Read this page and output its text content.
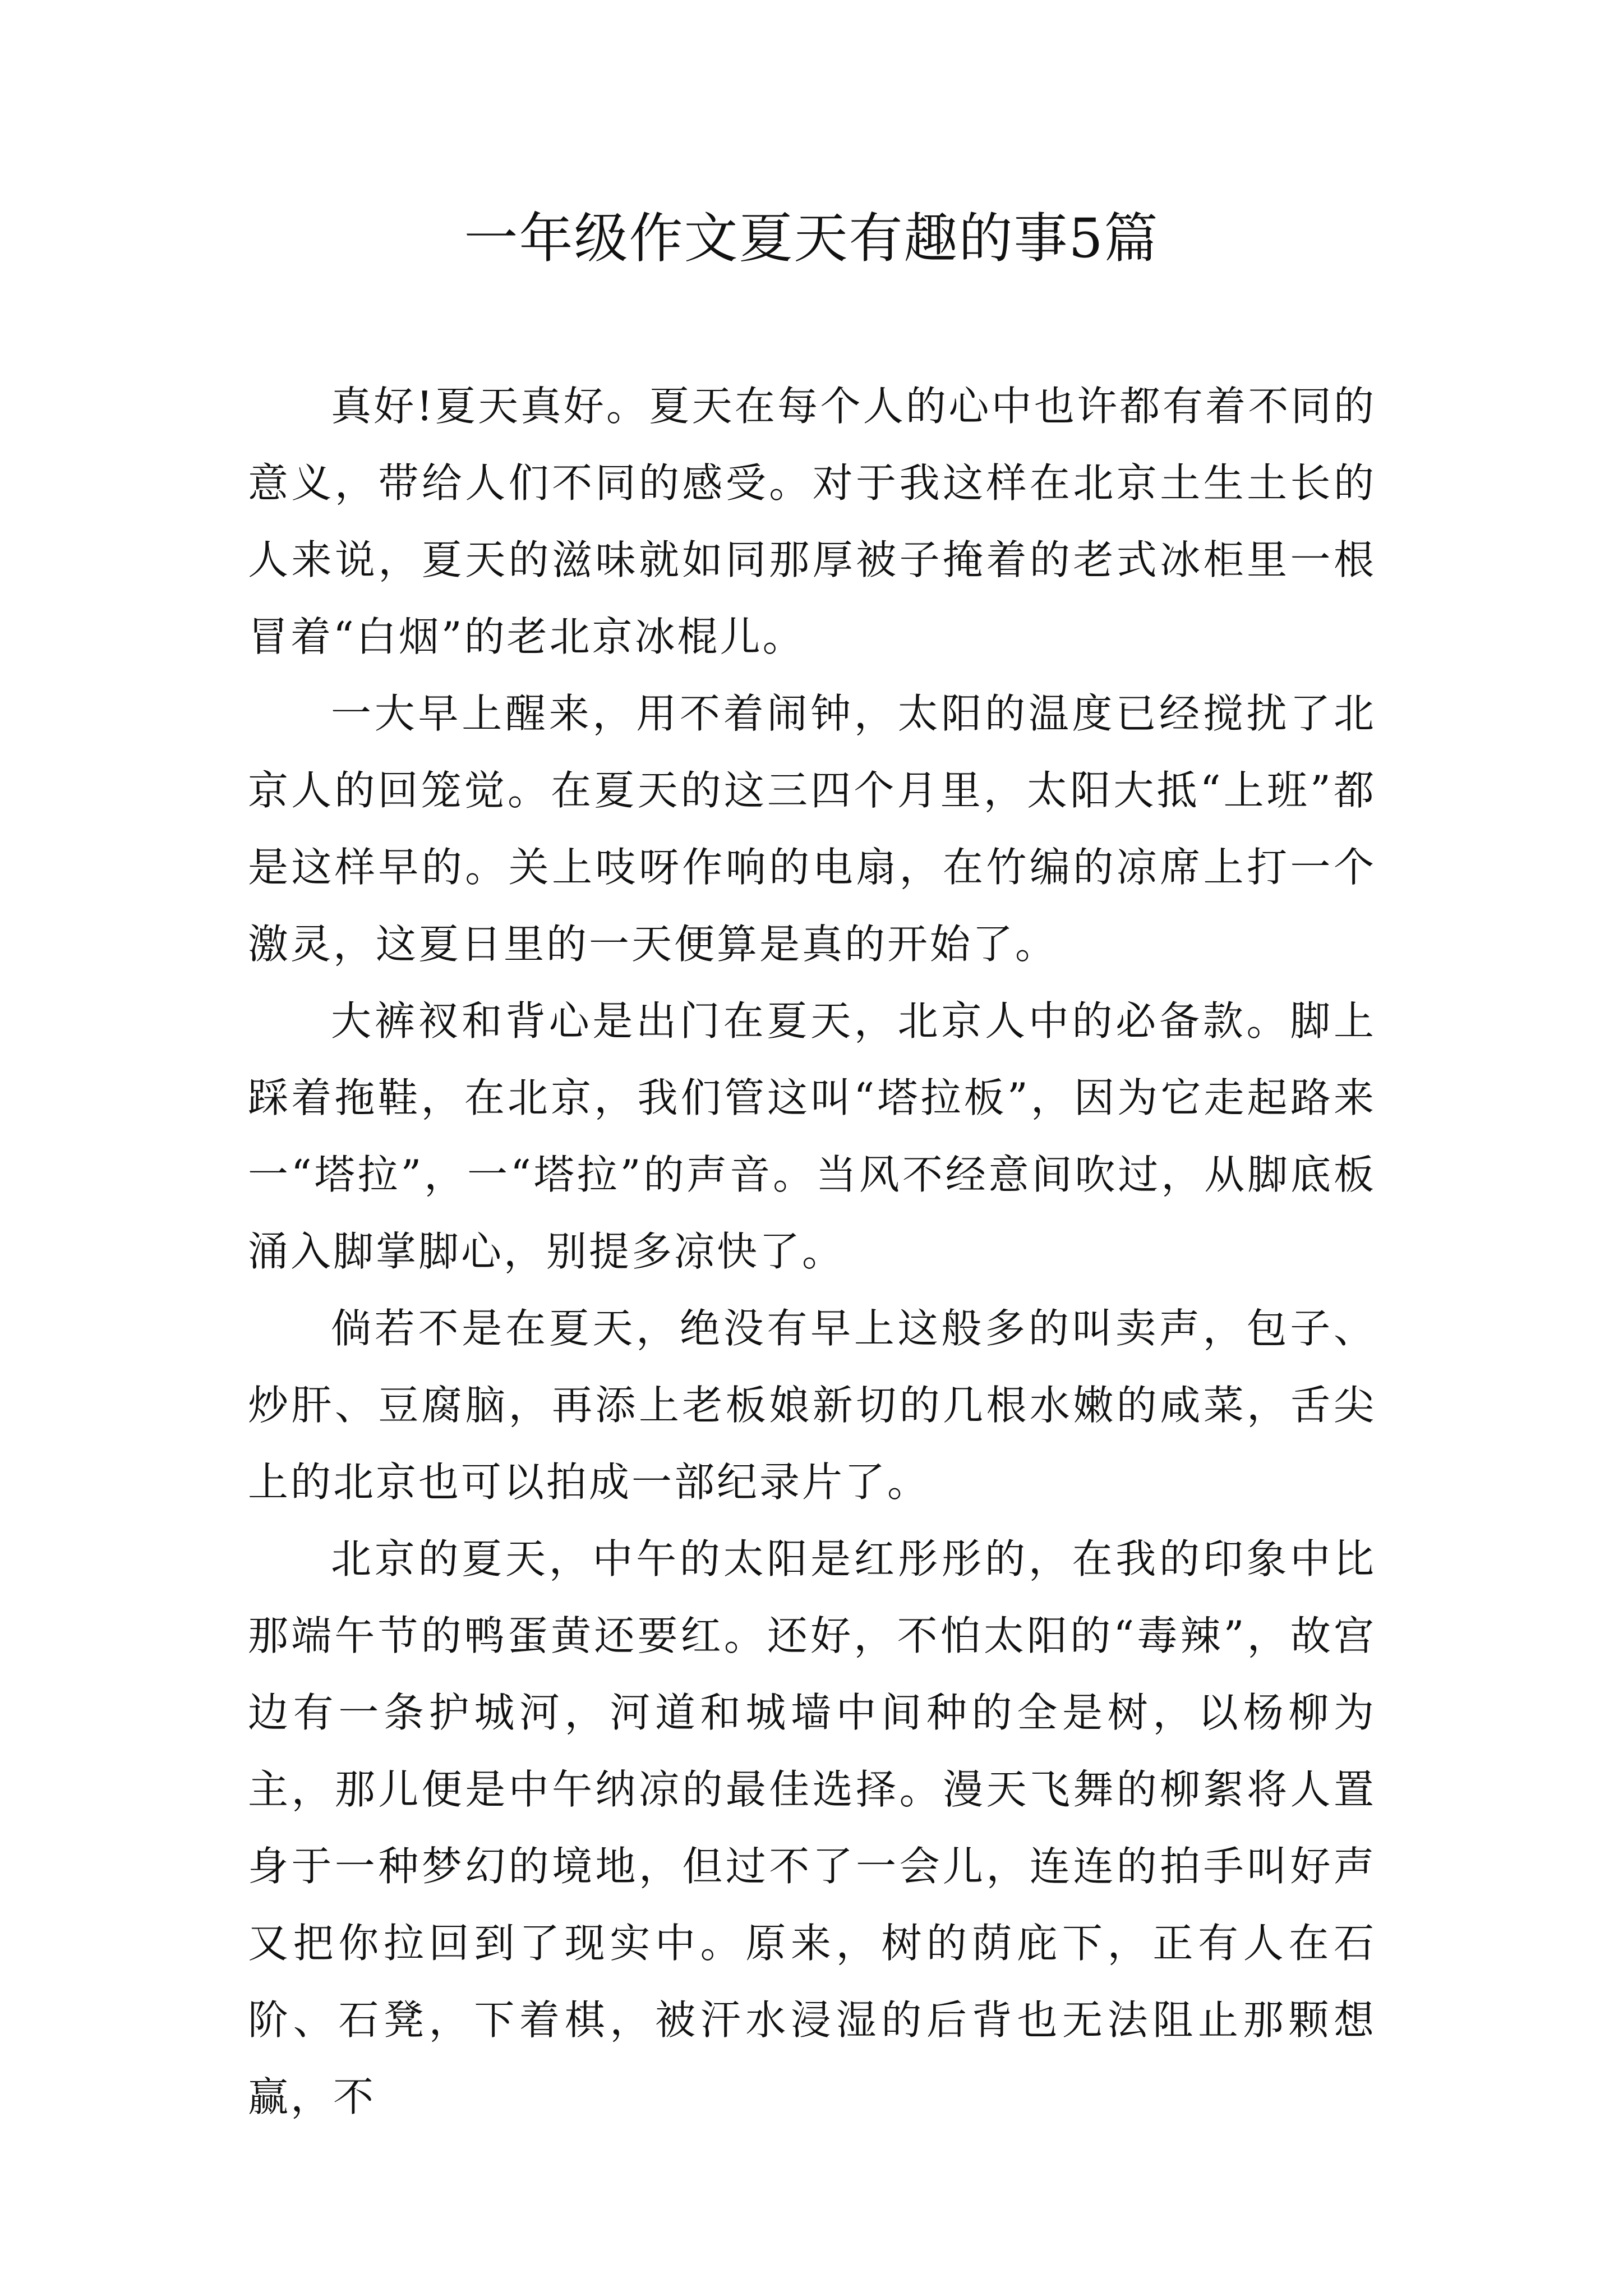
一年级作文夏天有趣的事5篇

真好!夏天真好。夏天在每个人的心中也许都有着不同的意义，带给人们不同的感受。对于我这样在北京土生土长的人来说，夏天的滋味就如同那厚被子掩着的老式冰柜里一根冒着“白烟”的老北京冰棍儿。

一大早上醒来，用不着闹钟，太阳的温度已经搅扰了北京人的回笼觉。在夏天的这三四个月里，太阳大抵“上班”都是这样早的。关上吱呀作响的电扇，在竹编的凉席上打一个激灵，这夏日里的一天便算是真的开始了。

大裤衩和背心是出门在夏天，北京人中的必备款。脚上踩着拖鞋，在北京，我们管这叫“塔拉板”，因为它走起路来一“塔拉”，一“塔拉”的声音。当风不经意间吹过，从脚底板涌入脚掌脚心，别提多凉快了。

倘若不是在夏天，绝没有早上这般多的叫卖声，包子、炒肝、豆腐脑，再添上老板娘新切的几根水嫩的咸菜，舌尖上的北京也可以拍成一部纪录片了。

北京的夏天，中午的太阳是红彤彤的，在我的印象中比那端午节的鸭蛋黄还要红。还好，不怕太阳的“毒辣”，故宫边有一条护城河，河道和城墙中间种的全是树，以杨柳为主，那儿便是中午纳凉的最佳选择。漫天飞舞的柳絮将人置身于一种梦幻的境地，但过不了一会儿，连连的拍手叫好声又把你拉回到了现实中。原来，树的荫庇下，正有人在石阶、石凳，下着棋，被汗水浸湿的后背也无法阻止那颗想赢，不
